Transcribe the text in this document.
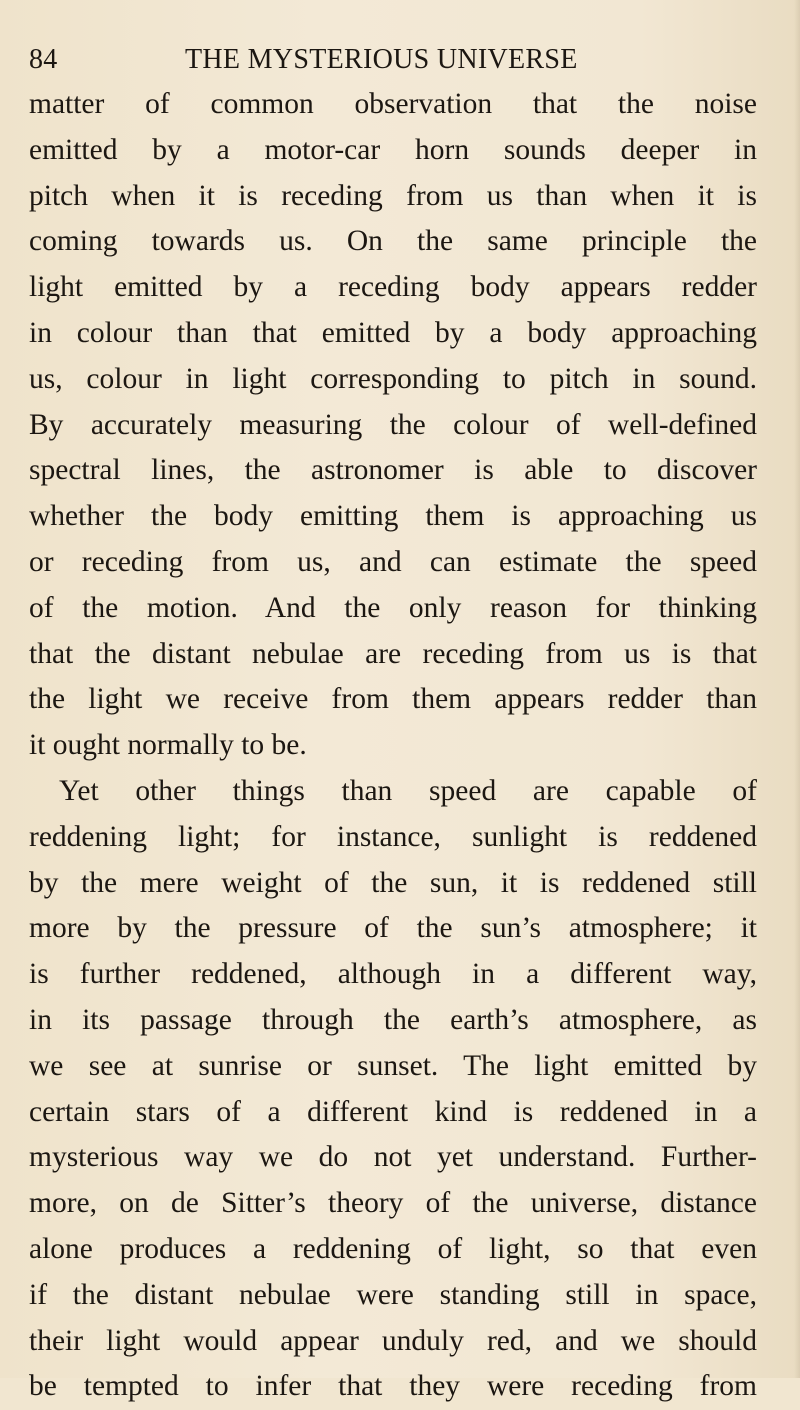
84	THE MYSTERIOUS UNIVERSE
matter of common observation that the noise
emitted by a motor-car horn sounds deeper in
pitch when it is receding from us than when it is
coming towards us. On the same principle the
light emitted by a receding body appears redder
in colour than that emitted by a body approaching
us, colour in light corresponding to pitch in sound.
By accurately measuring the colour of well-defined
spectral lines, the astronomer is able to discover
whether the body emitting them is approaching us
or receding from us, and can estimate the speed
of the motion. And the only reason for thinking
that the distant nebulae are receding from us is that
the light we receive from them appears redder than
it ought normally to be.
Yet other things than speed are capable of
reddening light; for instance, sunlight is reddened
by the mere weight of the sun, it is reddened still
more by the pressure of the sun’s atmosphere; it
is further reddened, although in a different way,
in its passage through the earth’s atmosphere, as
we see at sunrise or sunset. The light emitted by
certain stars of a different kind is reddened in a
mysterious way we do not yet understand. Further-
more, on de Sitter’s theory of the universe, distance
alone produces a reddening of light, so that even
if the distant nebulae were standing still in space,
their light would appear unduly red, and we should
be tempted to infer that they were receding from
